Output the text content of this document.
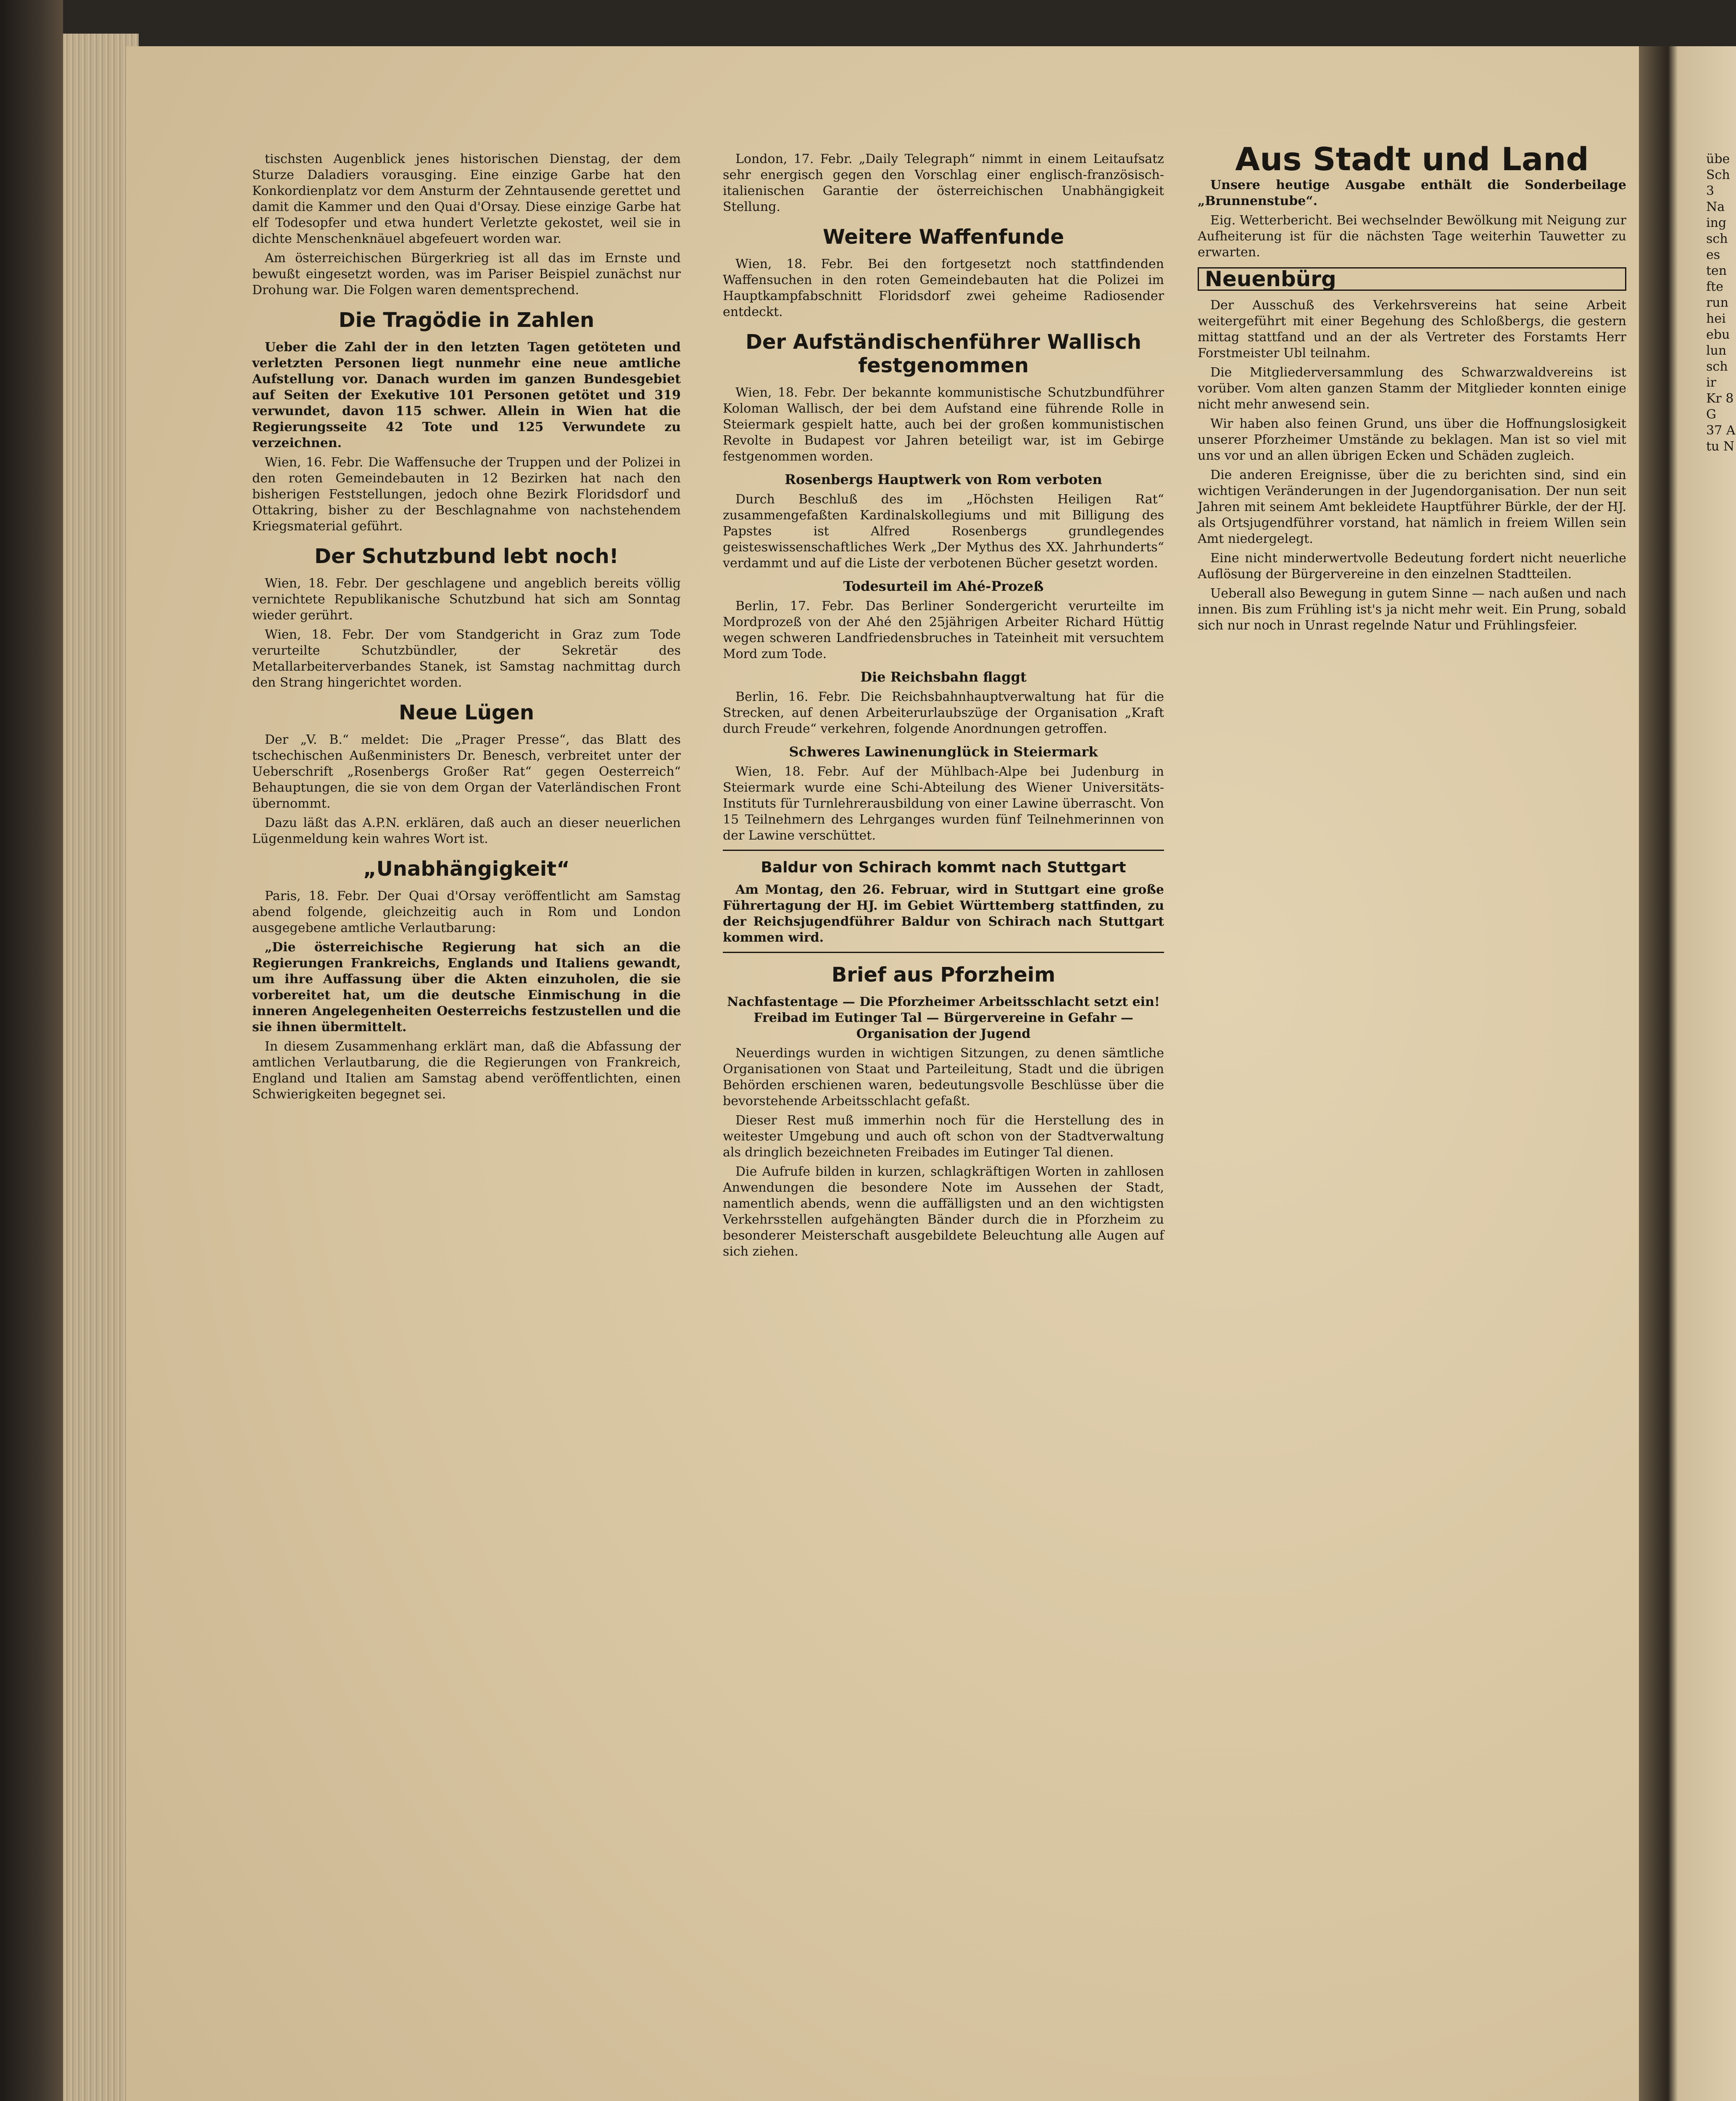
tischsten Augenblick jenes historischen Dienstag, der dem Sturze Daladiers vorausging. Eine einzige Garbe hat den Konkordienplatz vor dem Ansturm der Zehntausende gerettet und damit die Kammer und den Quai d'Orsay. Diese einzige Garbe hat elf Todesopfer und etwa hundert Verletzte gekostet, weil sie in dichte Menschenknäuel abgefeuert worden war.

Am österreichischen Bürgerkrieg ist all das im Ernste und bewußt eingesetzt worden, was im Pariser Beispiel zunächst nur Drohung war. Die Folgen waren dementsprechend.

Die Tragödie in Zahlen

Ueber die Zahl der in den letzten Tagen getöteten und verletzten Personen liegt nunmehr eine neue amtliche Aufstellung vor. Danach wurden im ganzen Bundesgebiet auf Seiten der Exekutive 101 Personen getötet und 319 verwundet, davon 115 schwer. Allein in Wien hat die Regierungsseite 42 Tote und 125 Verwundete zu verzeichnen.

Wien, 16. Febr. Die Waffensuche der Truppen und der Polizei in den roten Gemeindebauten in 12 Bezirken hat nach den bisherigen Feststellungen, jedoch ohne Bezirk Floridsdorf und Ottakring, bisher zu der Beschlagnahme von nachstehendem Kriegsmaterial geführt.

Der Schutzbund lebt noch!

Wien, 18. Febr. Der geschlagene und angeblich bereits völlig vernichtete Republikanische Schutzbund hat sich am Sonntag wieder gerührt.

Wien, 18. Febr. Der vom Standgericht in Graz zum Tode verurteilte Schutzbündler, der Sekretär des Metallarbeiterverbandes Stanek, ist Samstag nachmittag durch den Strang hingerichtet worden.

Neue Lügen

Der „V. B.“ meldet: Die „Prager Presse“, das Blatt des tschechischen Außenministers Dr. Benesch, verbreitet unter der Ueberschrift „Rosenbergs Großer Rat“ gegen Oesterreich“ Behauptungen, die sie von dem Organ der Vaterländischen Front übernommt.

Dazu läßt das A.P.N. erklären, daß auch an dieser neuerlichen Lügenmeldung kein wahres Wort ist.

„Unabhängigkeit“

Paris, 18. Febr. Der Quai d'Orsay veröffentlicht am Samstag abend folgende, gleichzeitig auch in Rom und London ausgegebene amtliche Verlautbarung:

„Die österreichische Regierung hat sich an die Regierungen Frankreichs, Englands und Italiens gewandt, um ihre Auffassung über die Akten einzuholen, die sie vorbereitet hat, um die deutsche Einmischung in die inneren Angelegenheiten Oesterreichs festzustellen und die sie ihnen übermittelt.

In diesem Zusammenhang erklärt man, daß die Abfassung der amtlichen Verlautbarung, die die Regierungen von Frankreich, England und Italien am Samstag abend veröffentlichten, einen Schwierigkeiten begegnet sei.

London, 17. Febr. „Daily Telegraph“ nimmt in einem Leitaufsatz sehr energisch gegen den Vorschlag einer englisch-französisch-italienischen Garantie der österreichischen Unabhängigkeit Stellung.

Weitere Waffenfunde

Wien, 18. Febr. Bei den fortgesetzt noch stattfindenden Waffensuchen in den roten Gemeindebauten hat die Polizei im Hauptkampfabschnitt Floridsdorf zwei geheime Radiosender entdeckt.

Der Aufständischenführer Wallisch festgenommen

Wien, 18. Febr. Der bekannte kommunistische Schutzbundführer Koloman Wallisch, der bei dem Aufstand eine führende Rolle in Steiermark gespielt hatte, auch bei der großen kommunistischen Revolte in Budapest vor Jahren beteiligt war, ist im Gebirge festgenommen worden.

Rosenbergs Hauptwerk von Rom verboten

Durch Beschluß des im „Höchsten Heiligen Rat“ zusammengefaßten Kardinalskollegiums und mit Billigung des Papstes ist Alfred Rosenbergs grundlegendes geisteswissenschaftliches Werk „Der Mythus des XX. Jahrhunderts“ verdammt und auf die Liste der verbotenen Bücher gesetzt worden.

Todesurteil im Ahé-Prozeß

Berlin, 17. Febr. Das Berliner Sondergericht verurteilte im Mordprozeß von der Ahé den 25jährigen Arbeiter Richard Hüttig wegen schweren Landfriedensbruches in Tateinheit mit versuchtem Mord zum Tode.

Die Reichsbahn flaggt

Berlin, 16. Febr. Die Reichsbahnhauptverwaltung hat für die Strecken, auf denen Arbeiterurlaubszüge der Organisation „Kraft durch Freude“ verkehren, folgende Anordnungen getroffen.

Schweres Lawinenunglück in Steiermark

Wien, 18. Febr. Auf der Mühlbach-Alpe bei Judenburg in Steiermark wurde eine Schi-Abteilung des Wiener Universitäts-Instituts für Turnlehrerausbildung von einer Lawine überrascht. Von 15 Teilnehmern des Lehrganges wurden fünf Teilnehmerinnen von der Lawine verschüttet.

Baldur von Schirach kommt nach Stuttgart

Am Montag, den 26. Februar, wird in Stuttgart eine große Führertagung der HJ. im Gebiet Württemberg stattfinden, zu der Reichsjugendführer Baldur von Schirach nach Stuttgart kommen wird.

Brief aus Pforzheim

Nachfastentage — Die Pforzheimer Arbeitsschlacht setzt ein! Freibad im Eutinger Tal — Bürgervereine in Gefahr — Organisation der Jugend

Neuerdings wurden in wichtigen Sitzungen, zu denen sämtliche Organisationen von Staat und Parteileitung, Stadt und die übrigen Behörden erschienen waren, bedeutungsvolle Beschlüsse über die bevorstehende Arbeitsschlacht gefaßt.

Dieser Rest muß immerhin noch für die Herstellung des in weitester Umgebung und auch oft schon von der Stadtverwaltung als dringlich bezeichneten Freibades im Eutinger Tal dienen.

Die Aufrufe bilden in kurzen, schlagkräftigen Worten in zahllosen Anwendungen die besondere Note im Aussehen der Stadt, namentlich abends, wenn die auffälligsten und an den wichtigsten Verkehrsstellen aufgehängten Bänder durch die in Pforzheim zu besonderer Meisterschaft ausgebildete Beleuchtung alle Augen auf sich ziehen.

Aus Stadt und Land

Unsere heutige Ausgabe enthält die Sonderbeilage „Brunnenstube“.

Eig. Wetterbericht. Bei wechselnder Bewölkung mit Neigung zur Aufheiterung ist für die nächsten Tage weiterhin Tauwetter zu erwarten.

Neuenbürg

Der Ausschuß des Verkehrsvereins hat seine Arbeit weitergeführt mit einer Begehung des Schloßbergs, die gestern mittag stattfand und an der als Vertreter des Forstamts Herr Forstmeister Ubl teilnahm.

Die Mitgliederversammlung des Schwarzwaldvereins ist vorüber. Vom alten ganzen Stamm der Mitglieder konnten einige nicht mehr anwesend sein.

Wir haben also feinen Grund, uns über die Hoffnungslosigkeit unserer Pforzheimer Umstände zu beklagen. Man ist so viel mit uns vor und an allen übrigen Ecken und Schäden zugleich.

Die anderen Ereignisse, über die zu berichten sind, sind ein wichtigen Veränderungen in der Jugendorganisation. Der nun seit Jahren mit seinem Amt bekleidete Hauptführer Bürkle, der der HJ. als Ortsjugendführer vorstand, hat nämlich in freiem Willen sein Amt niedergelegt.

Eine nicht minderwertvolle Bedeutung fordert nicht neuerliche Auflösung der Bürgervereine in den einzelnen Stadtteilen.

Ueberall also Bewegung in gutem Sinne — nach außen und nach innen. Bis zum Frühling ist's ja nicht mehr weit. Ein Prung, sobald sich nur noch in Unrast regelnde Natur und Frühlingsfeier.

übe Sch 3 Na ing sch es ten fte run hei ebu lun sch ir Kr 8 G 37 A tu N
